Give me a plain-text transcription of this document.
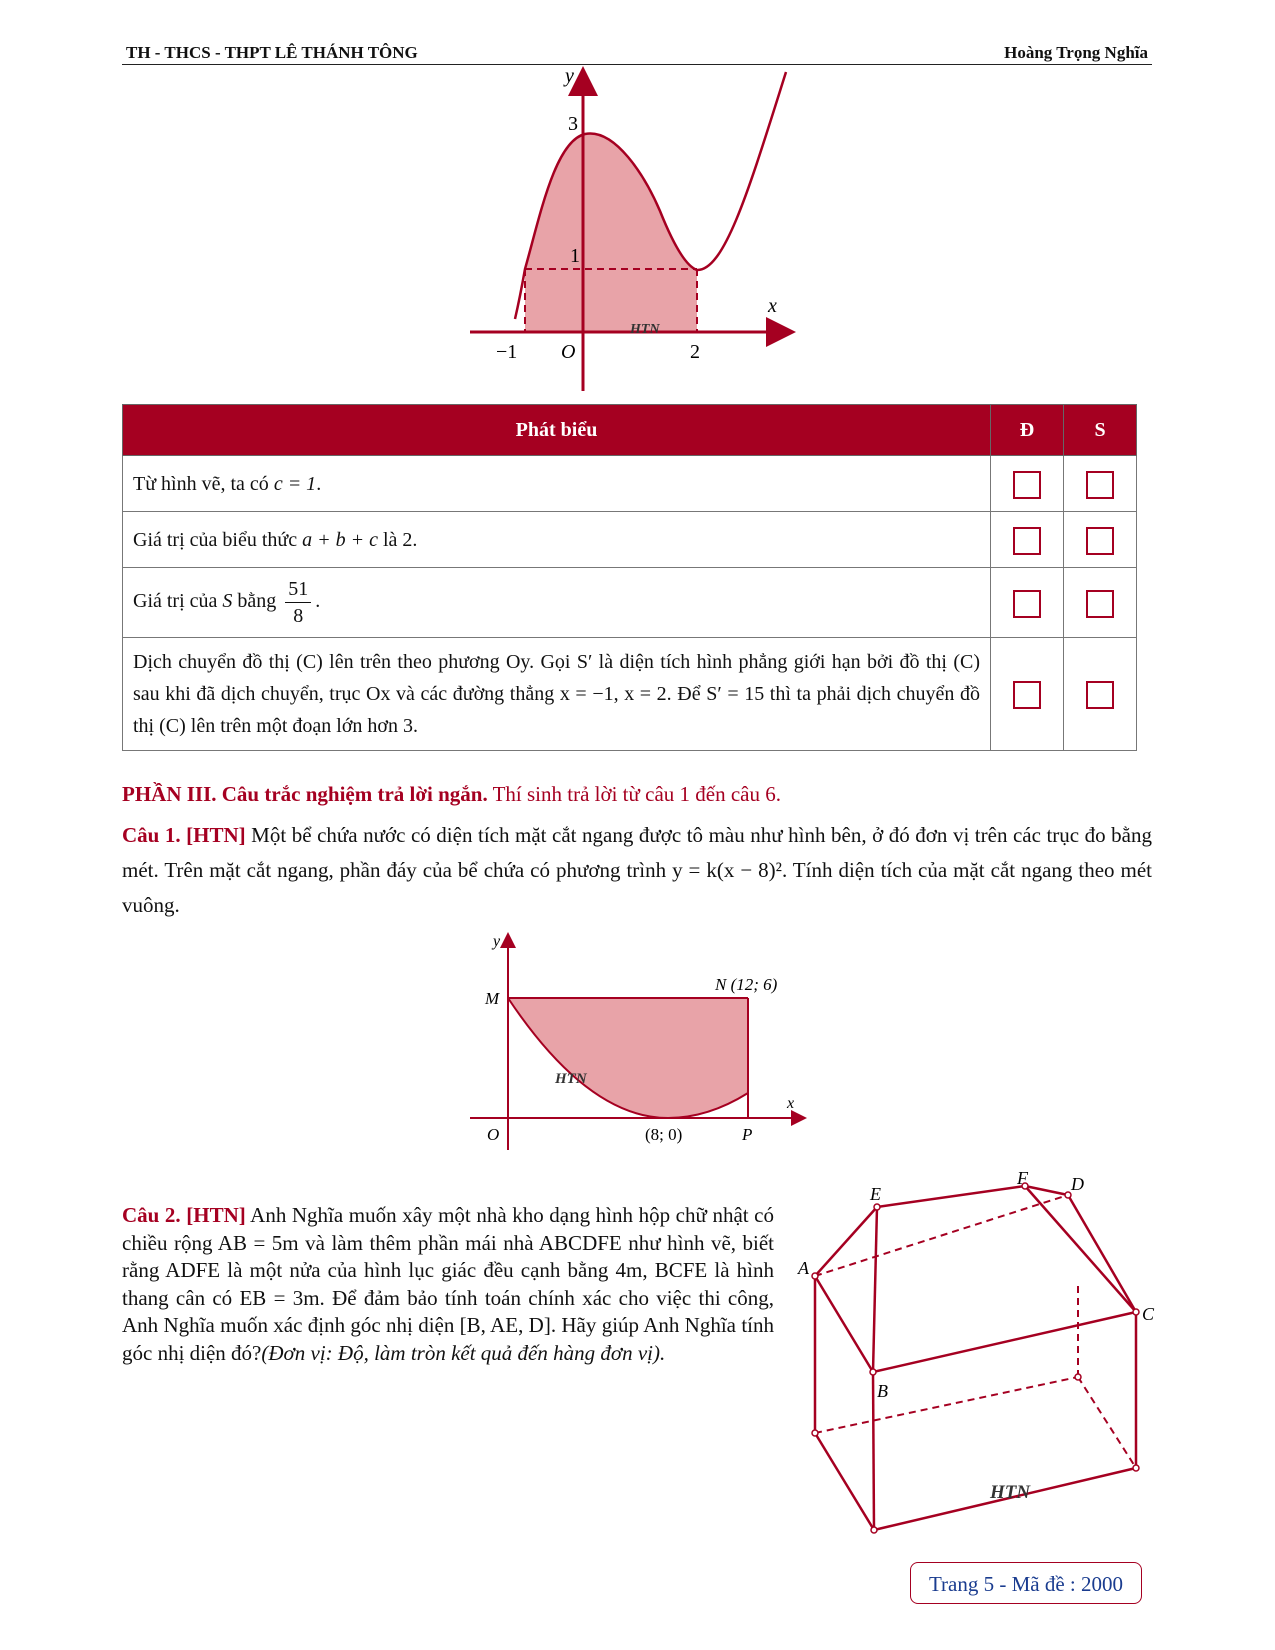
TH - THCS - THPT LÊ THÁNH TÔNG	Hoàng Trọng Nghĩa
y
x
3
1
−1 O	2
HTN
Phát biểu	Đ	S
Từ hình vẽ, ta có c = 1.		
Giá trị của biểu thức a + b + c là 2.		
Giá trị của S bằng $\frac{51}{8}$ .		
Dịch chuyển đồ thị (C) lên trên theo phương Oy. Gọi S′ là diện tích hình phẳng giới hạn bởi đồ thị (C) sau khi đã dịch chuyển, trục Ox và các đường thẳng x = −1, x = 2. Để S′ = 15 thì ta phải dịch chuyển đồ thị (C) lên trên một đoạn lớn hơn 3.		
PHẦN III. Câu trắc nghiệm trả lời ngắn. Thí sinh trả lời từ câu 1 đến câu 6.
Câu 1. [HTN] Một bể chứa nước có diện tích mặt cắt ngang được tô màu như hình bên, ở đó đơn vị trên các trục đo bằng mét. Trên mặt cắt ngang, phần đáy của bể chứa có phương trình y = k(x − 8)². Tính diện tích của mặt cắt ngang theo mét vuông.
y
x
M
N (12; 6)
O	(8; 0)	P
HTN
Câu 2. [HTN] Anh Nghĩa muốn xây một nhà kho dạng hình hộp chữ nhật có chiều rộng AB = 5m và làm thêm phần mái nhà ABCDFE như hình vẽ, biết rằng ADFE là một nửa của hình lục giác đều cạnh bằng 4m, BCFE là hình thang cân có EB = 3m. Để đảm bảo tính toán chính xác cho việc thi công, Anh Nghĩa muốn xác định góc nhị diện [B, AE, D]. Hãy giúp Anh Nghĩa tính góc nhị diện đó?(Đơn vị: Độ, làm tròn kết quả đến hàng đơn vị).
A
E
F D
C
B
HTN
Trang 5 - Mã đề : 2000
